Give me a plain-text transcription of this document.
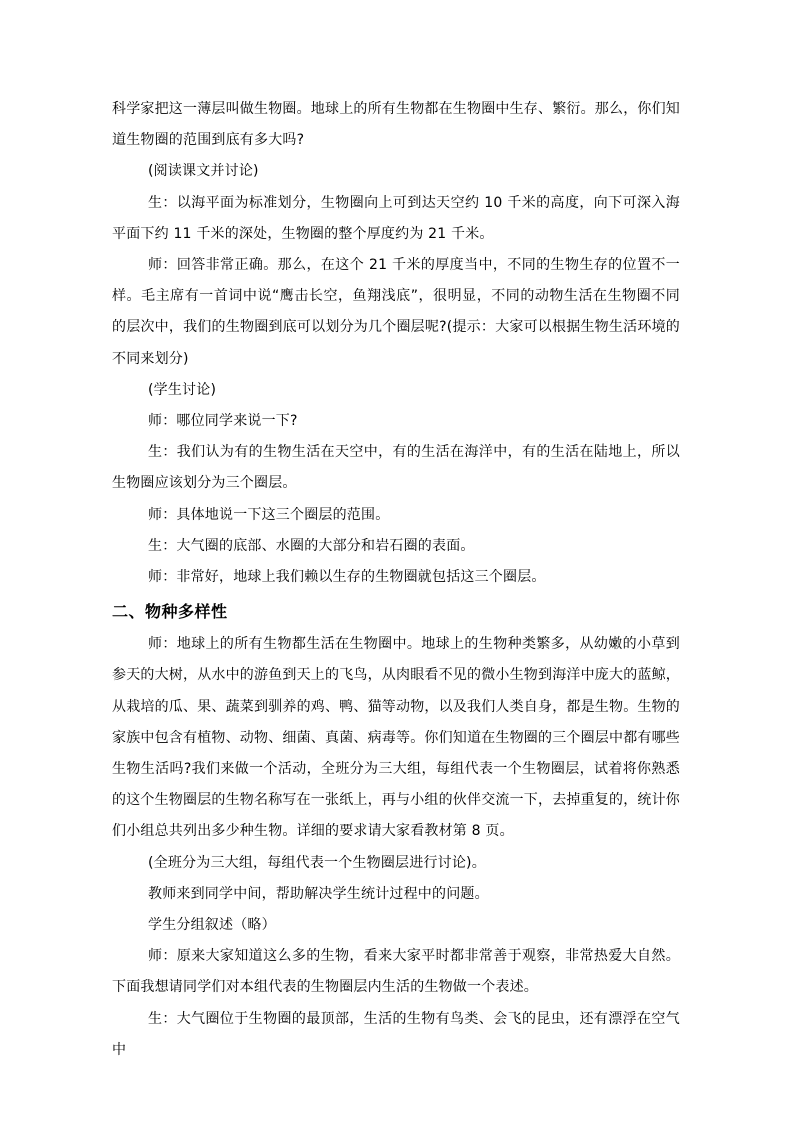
科学家把这一薄层叫做生物圈。地球上的所有生物都在生物圈中生存、繁衍。那么，你们知道生物圈的范围到底有多大吗?

(阅读课文并讨论)

生：以海平面为标准划分，生物圈向上可到达天空约 10 千米的高度，向下可深入海平面下约 11 千米的深处，生物圈的整个厚度约为 21 千米。

师：回答非常正确。那么，在这个 21 千米的厚度当中，不同的生物生存的位置不一样。毛主席有一首词中说“鹰击长空，鱼翔浅底”，很明显，不同的动物生活在生物圈不同的层次中，我们的生物圈到底可以划分为几个圈层呢?(提示：大家可以根据生物生活环境的不同来划分)

(学生讨论)

师：哪位同学来说一下?

生：我们认为有的生物生活在天空中，有的生活在海洋中，有的生活在陆地上，所以生物圈应该划分为三个圈层。

师：具体地说一下这三个圈层的范围。

生：大气圈的底部、水圈的大部分和岩石圈的表面。

师：非常好，地球上我们赖以生存的生物圈就包括这三个圈层。

二、物种多样性

师：地球上的所有生物都生活在生物圈中。地球上的生物种类繁多，从幼嫩的小草到参天的大树，从水中的游鱼到天上的飞鸟，从肉眼看不见的微小生物到海洋中庞大的蓝鲸，从栽培的瓜、果、蔬菜到驯养的鸡、鸭、猫等动物，以及我们人类自身，都是生物。生物的家族中包含有植物、动物、细菌、真菌、病毒等。你们知道在生物圈的三个圈层中都有哪些生物生活吗?我们来做一个活动，全班分为三大组，每组代表一个生物圈层，试着将你熟悉的这个生物圈层的生物名称写在一张纸上，再与小组的伙伴交流一下，去掉重复的，统计你们小组总共列出多少种生物。详细的要求请大家看教材第 8 页。

(全班分为三大组，每组代表一个生物圈层进行讨论)。

教师来到同学中间，帮助解决学生统计过程中的问题。

学生分组叙述（略）

师：原来大家知道这么多的生物，看来大家平时都非常善于观察，非常热爱大自然。下面我想请同学们对本组代表的生物圈层内生活的生物做一个表述。

生：大气圈位于生物圈的最顶部，生活的生物有鸟类、会飞的昆虫，还有漂浮在空气中
